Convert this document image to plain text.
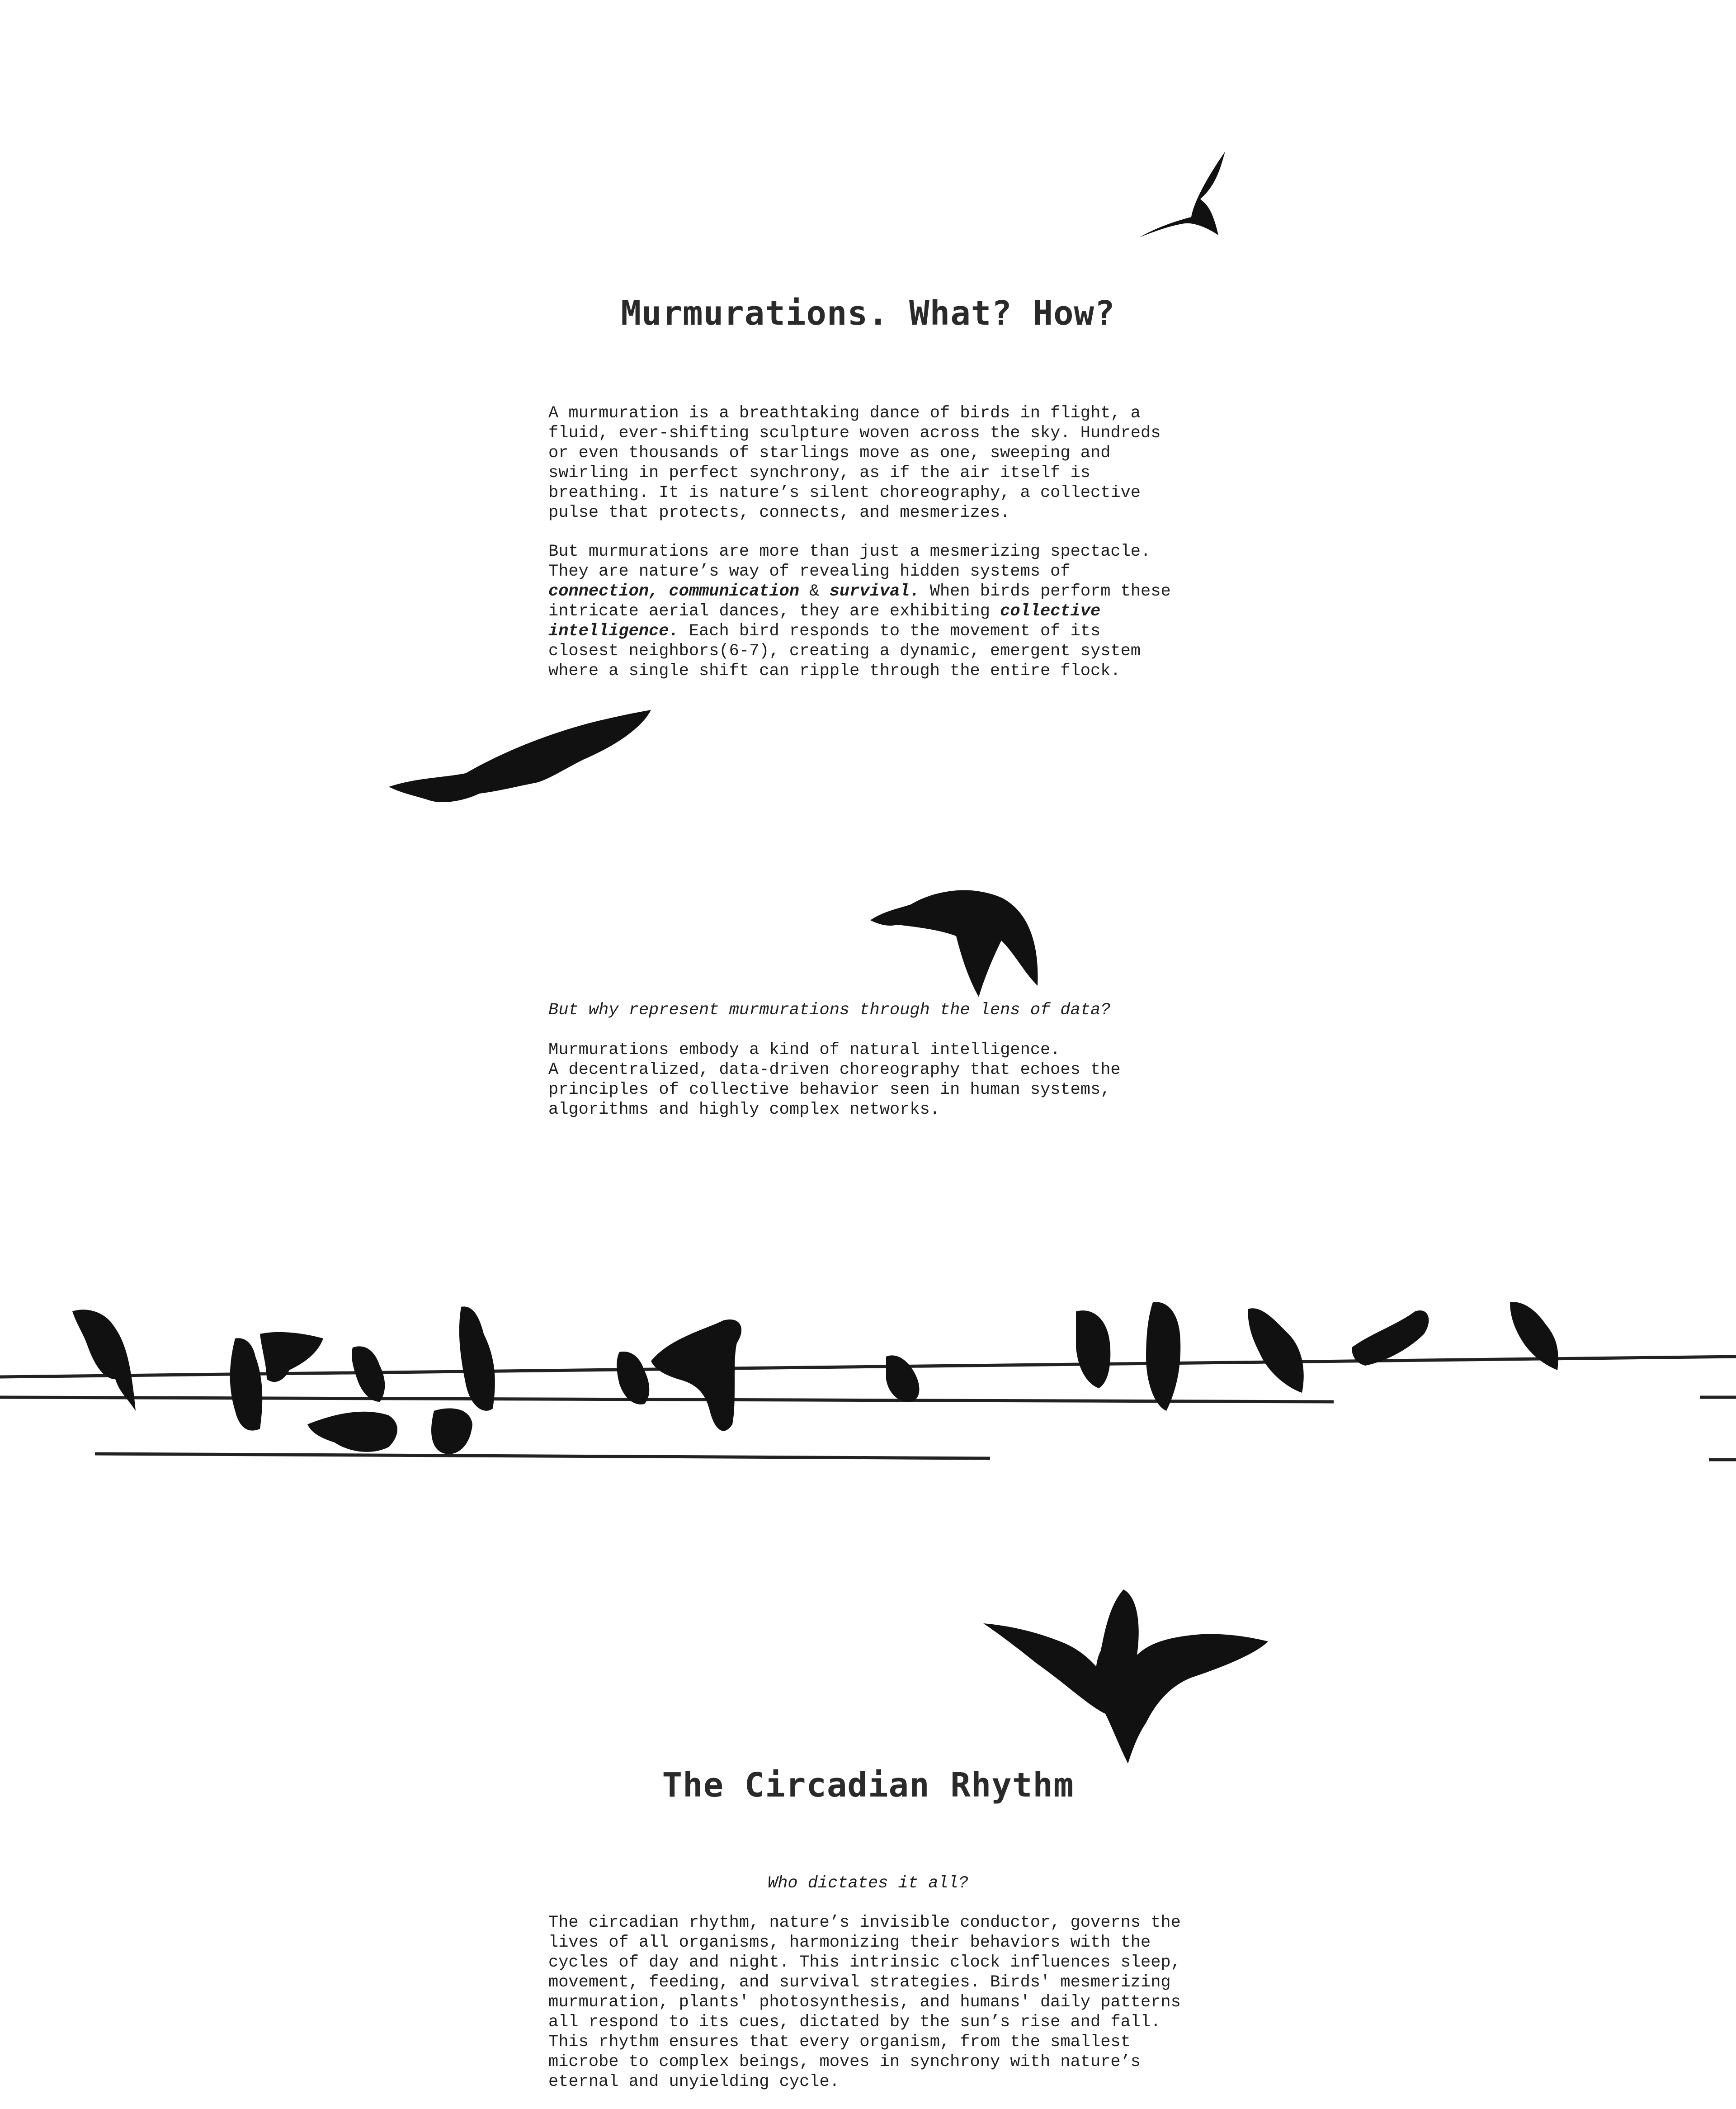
Murmurations. What? How?

A murmuration is a breathtaking dance of birds in flight, a
fluid, ever-shifting sculpture woven across the sky. Hundreds
or even thousands of starlings move as one, sweeping and
swirling in perfect synchrony, as if the air itself is
breathing. It is nature’s silent choreography, a collective
pulse that protects, connects, and mesmerizes.

But murmurations are more than just a mesmerizing spectacle.
They are nature’s way of revealing hidden systems of
connection, communication & survival. When birds perform these
intricate aerial dances, they are exhibiting collective
intelligence. Each bird responds to the movement of its
closest neighbors(6-7), creating a dynamic, emergent system
where a single shift can ripple through the entire flock.

But why represent murmurations through the lens of data?

Murmurations embody a kind of natural intelligence.
A decentralized, data-driven choreography that echoes the
principles of collective behavior seen in human systems,
algorithms and highly complex networks.

The Circadian Rhythm

Who dictates it all?

The circadian rhythm, nature’s invisible conductor, governs the
lives of all organisms, harmonizing their behaviors with the
cycles of day and night. This intrinsic clock influences sleep,
movement, feeding, and survival strategies. Birds' mesmerizing
murmuration, plants' photosynthesis, and humans' daily patterns
all respond to its cues, dictated by the sun’s rise and fall.
This rhythm ensures that every organism, from the smallest
microbe to complex beings, moves in synchrony with nature’s
eternal and unyielding cycle.
